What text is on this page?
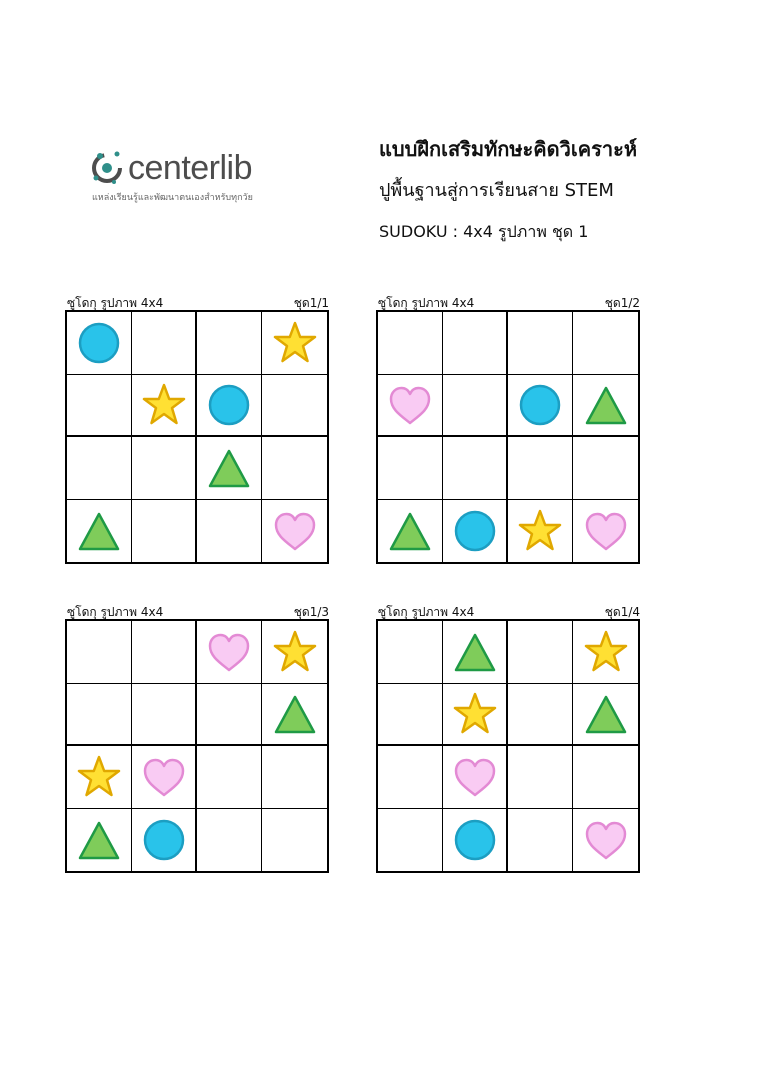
centerlib
แหล่งเรียนรู้และพัฒนาตนเองสำหรับทุกวัย
แบบฝึกเสริมทักษะคิดวิเคราะห์
ปูพื้นฐานสู่การเรียนสาย STEM
SUDOKU : 4x4 รูปภาพ ชุด 1
ซูโดกุ รูปภาพ 4x4	ชุด1/1	ซูโดกุ รูปภาพ 4x4	ชุด1/2
ซูโดกุ รูปภาพ 4x4	ชุด1/3	ซูโดกุ รูปภาพ 4x4	ชุด1/4
